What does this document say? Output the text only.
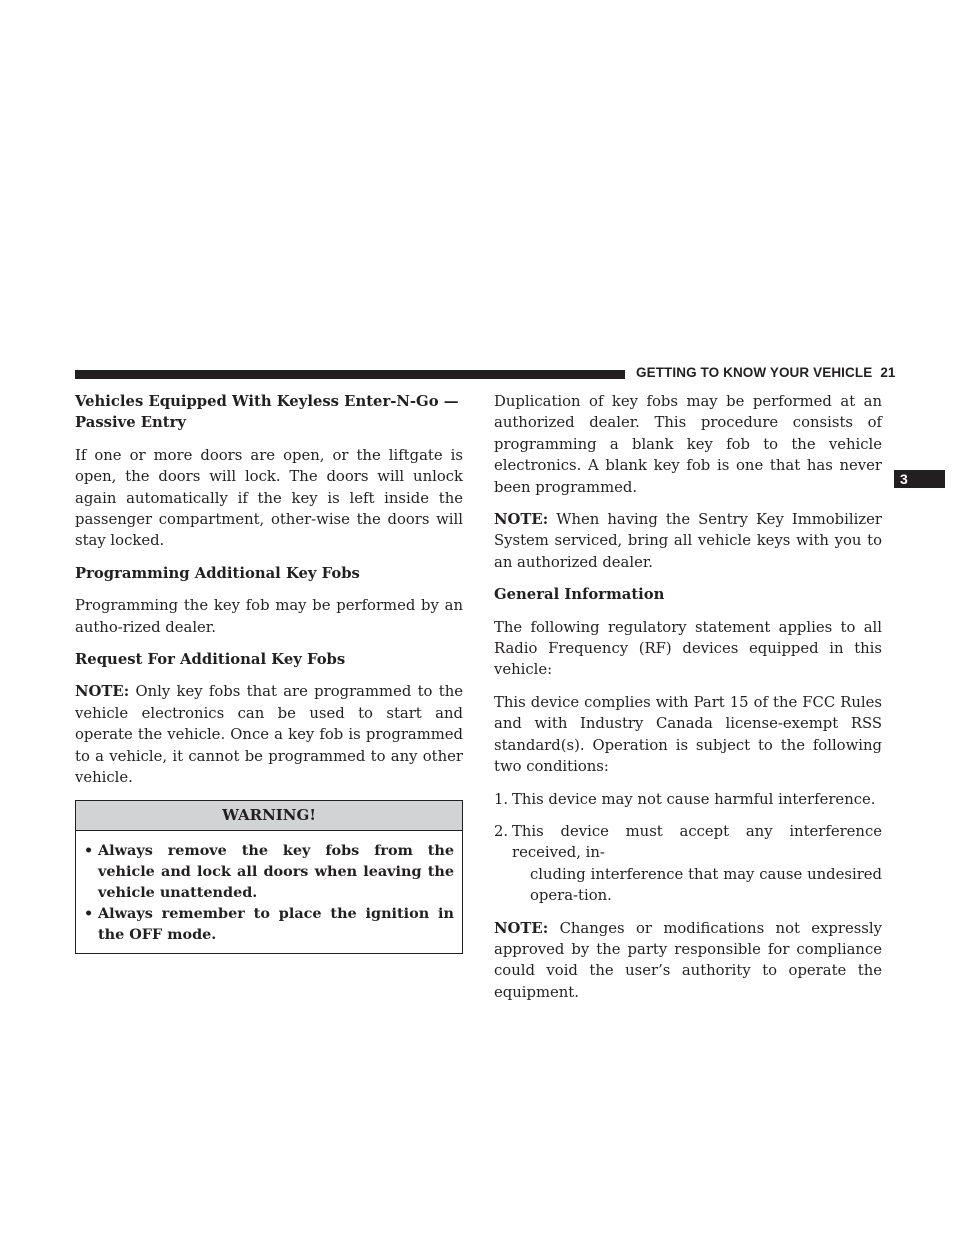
GETTING TO KNOW YOUR VEHICLE 21
3
Vehicles Equipped With Keyless Enter-N-Go — Passive Entry

If one or more doors are open, or the liftgate is open, the doors will lock. The doors will unlock again automatically if the key is left inside the passenger compartment, other-wise the doors will stay locked.

Programming Additional Key Fobs

Programming the key fob may be performed by an autho-rized dealer.

Request For Additional Key Fobs

NOTE: Only key fobs that are programmed to the vehicle electronics can be used to start and operate the vehicle. Once a key fob is programmed to a vehicle, it cannot be programmed to any other vehicle.

WARNING!
• Always remove the key fobs from the vehicle and lock all doors when leaving the vehicle unattended.
• Always remember to place the ignition in the OFF mode.

Duplication of key fobs may be performed at an authorized dealer. This procedure consists of programming a blank key fob to the vehicle electronics. A blank key fob is one that has never been programmed.

NOTE: When having the Sentry Key Immobilizer System serviced, bring all vehicle keys with you to an authorized dealer.

General Information

The following regulatory statement applies to all Radio Frequency (RF) devices equipped in this vehicle:

This device complies with Part 15 of the FCC Rules and with Industry Canada license-exempt RSS standard(s). Operation is subject to the following two conditions:

1. This device may not cause harmful interference.
2. This device must accept any interference received, in-
cluding interference that may cause undesired opera-tion.

NOTE: Changes or modifications not expressly approved by the party responsible for compliance could void the user’s authority to operate the equipment.
